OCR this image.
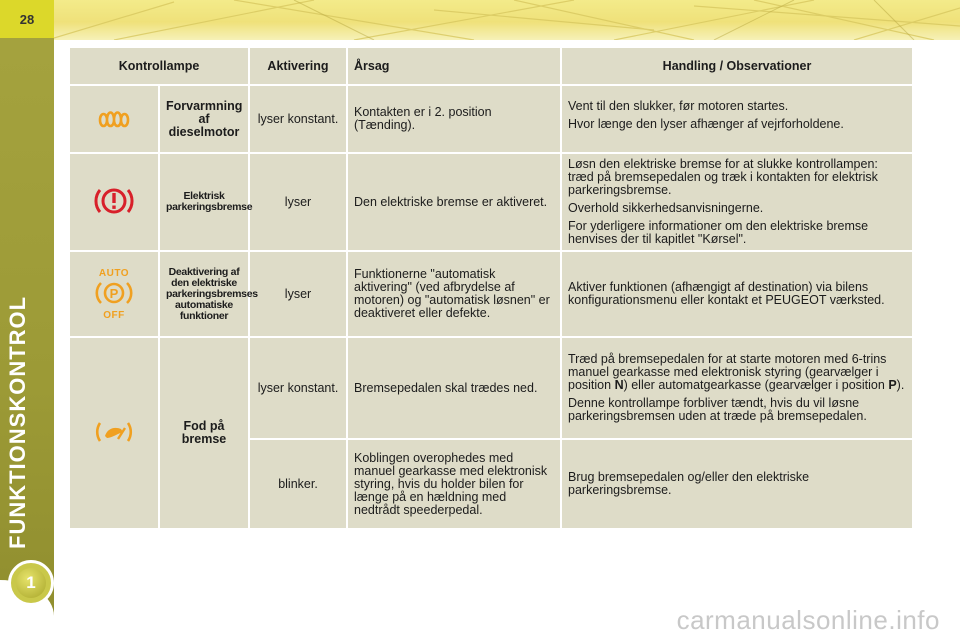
28
1
Kontrollampe		Aktivering	Årsag	Handling / Observationer
	Forvarmning af dieselmotor	lyser konstant.	Kontakten er i 2. position (Tænding).	Vent til den slukker, før motoren startes.

Hvor længe den lyser afhænger af vejrforholdene.

	Elektrisk parkeringsbremse	lyser	Den elektriske bremse er aktiveret.	Løsn den elektriske bremse for at slukke kontrollampen: træd på bremsepedalen og træk i kontakten for elektrisk parkeringsbremse.

Overhold sikkerhedsanvisningerne.

For yderligere informationer om den elektriske bremse henvises der til kapitlet "Kørsel".

AUTO
P
OFF	Deaktivering af den elektriske parkeringsbremses automatiske funktioner	lyser	Funktionerne "automatisk aktivering" (ved afbrydelse af motoren) og "automatisk løsnen" er deaktiveret eller defekte.	Aktiver funktionen (afhængigt af destination) via bilens konfigurationsmenu eller kontakt et PEUGEOT værksted.

	Fod på bremse	lyser konstant.	Bremsepedalen skal trædes ned.	Træd på bremsepedalen for at starte motoren med 6-trins manuel gearkasse med elektronisk styring (gearvælger i position N) eller automatgearkasse (gearvælger i position P).

Denne kontrollampe forbliver tændt, hvis du vil løsne parkeringsbremsen uden at træde på bremsepedalen.

		blinker.	Koblingen overophedes med manuel gearkasse med elektronisk styring, hvis du holder bilen for længe på en hældning med nedtrådt speederpedal.	Brug bremsepedalen og/eller den elektriske parkeringsbremse.

carmanualsonline.info
